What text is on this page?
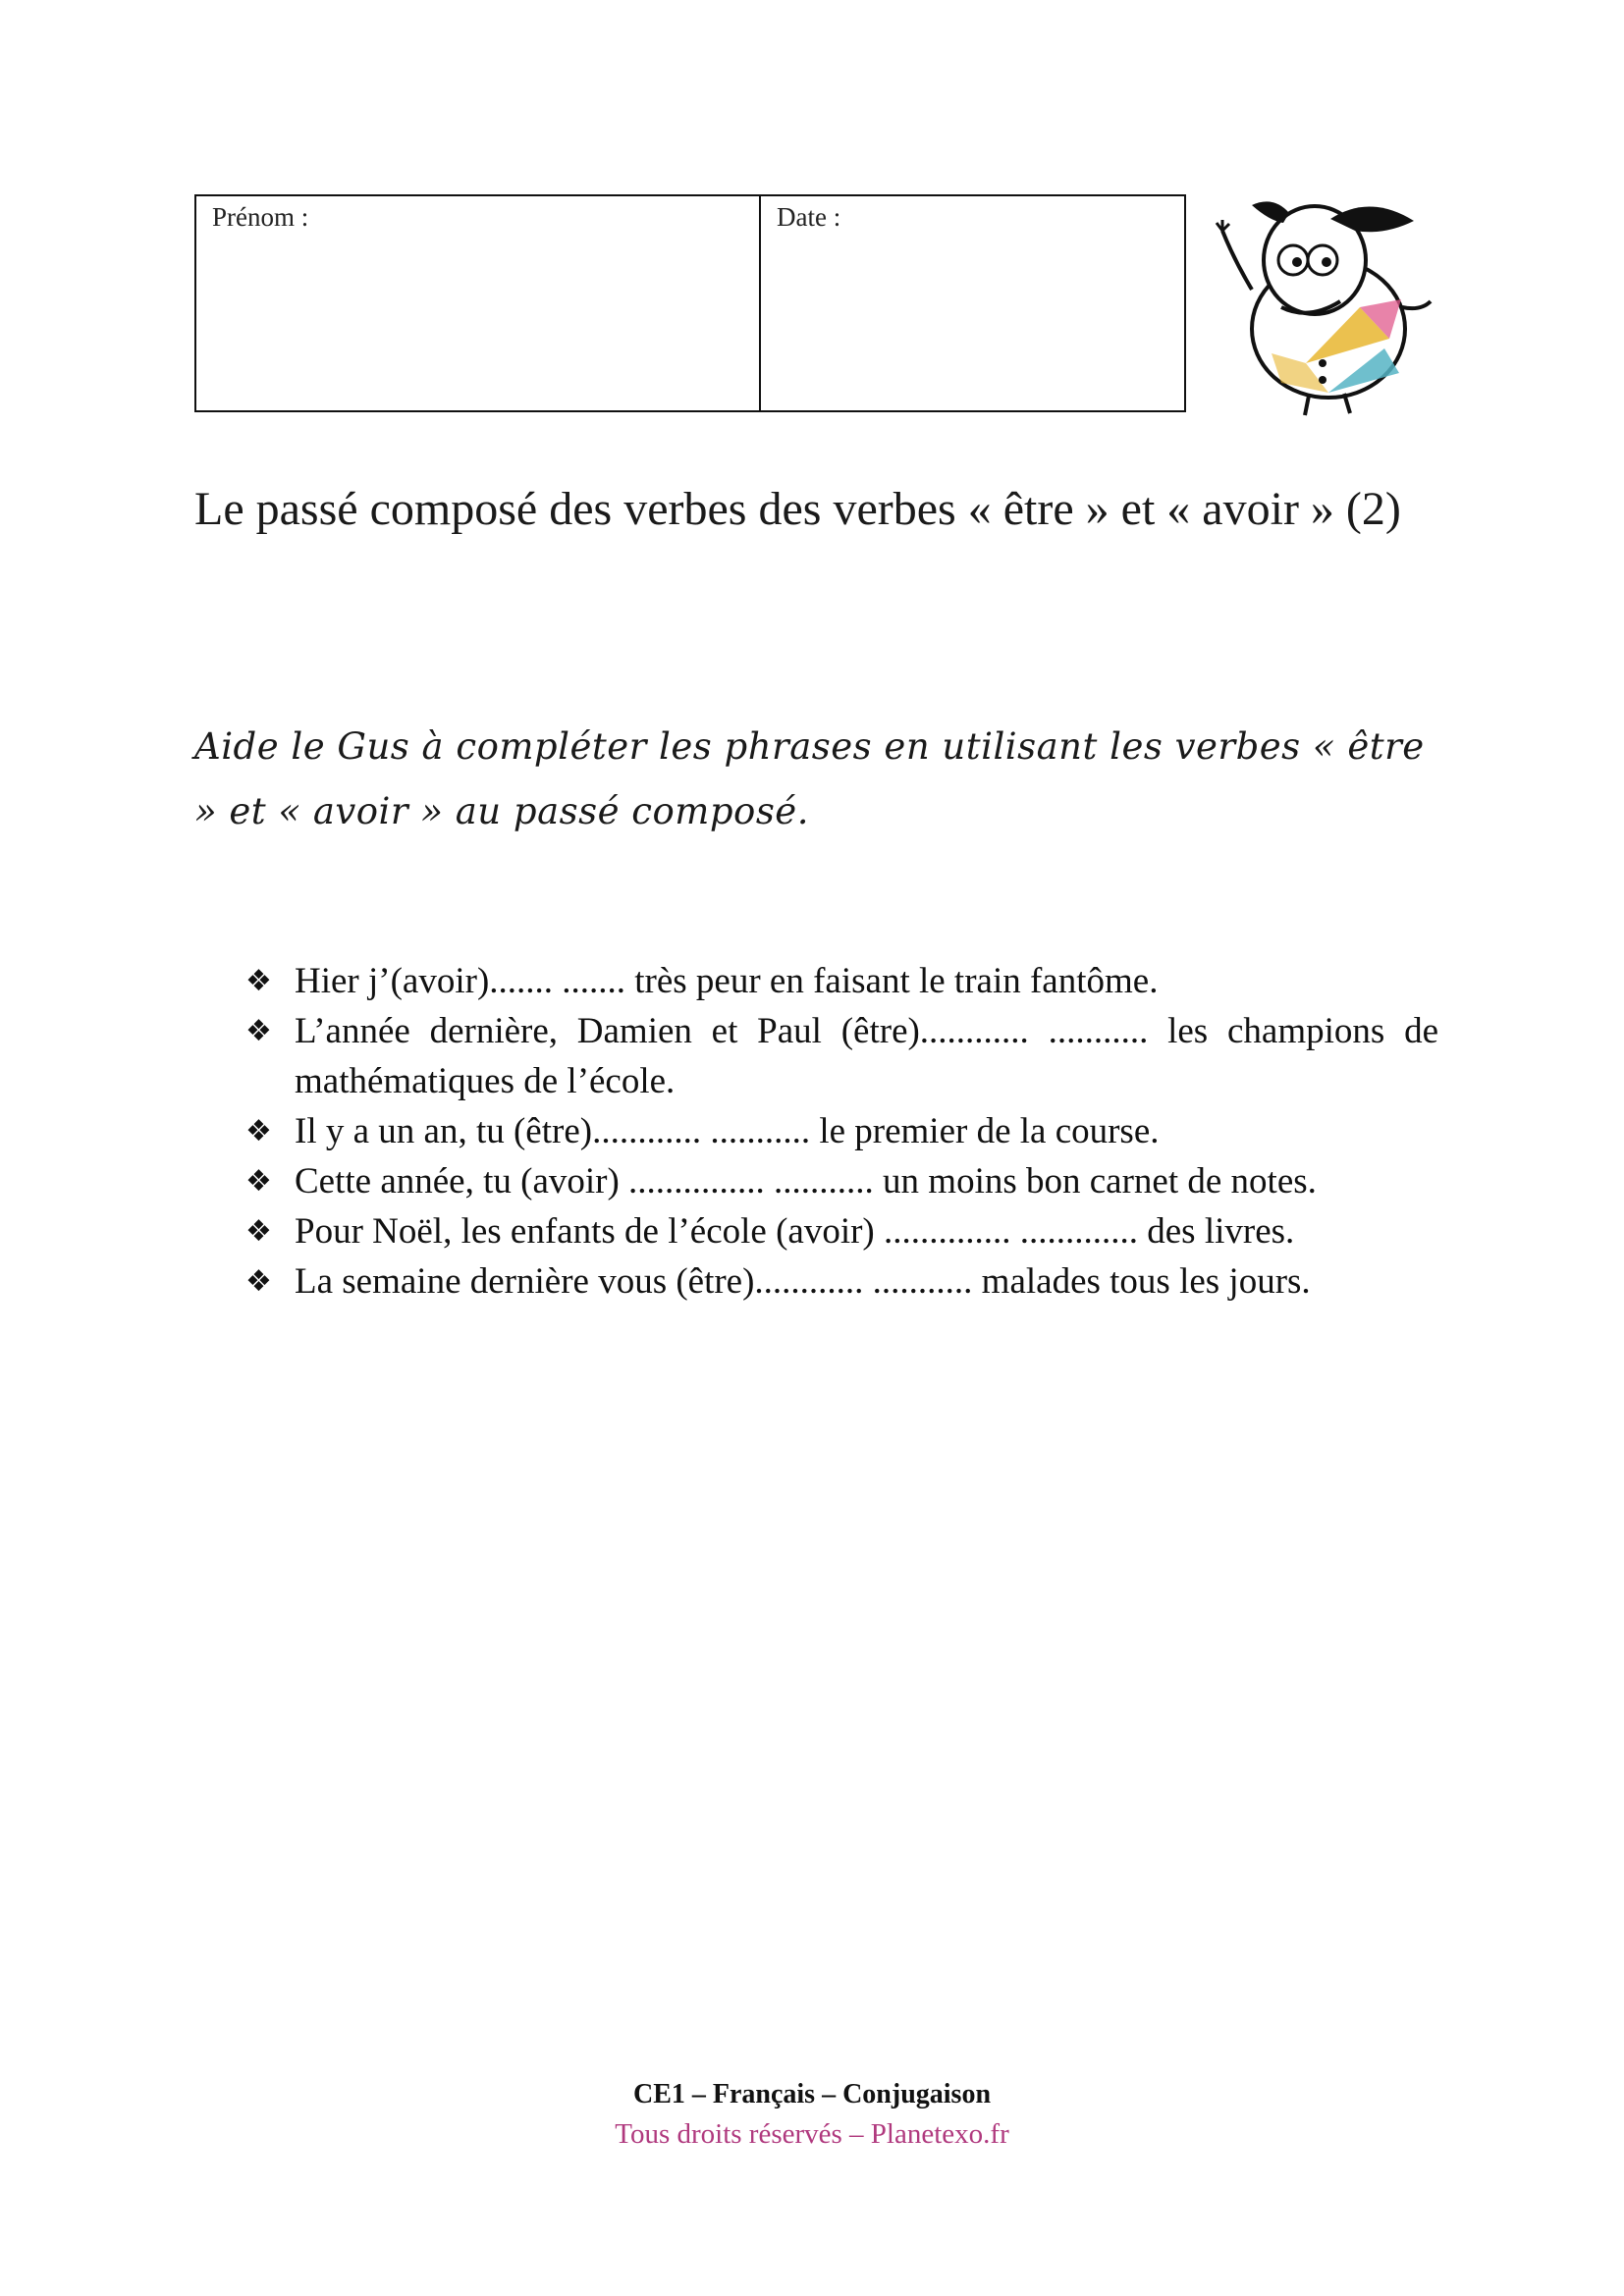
Prénom :	Date :
Le passé composé des verbes des verbes « être » et « avoir » (2)
Aide le Gus à compléter les phrases en utilisant les verbes « être » et « avoir » au passé composé.
❖ Hier j’(avoir)....... ....... très peur en faisant le train fantôme.
❖ L’année dernière, Damien et Paul (être)............ ........... les champions de mathématiques de l’école.
❖ Il y a un an, tu (être)............ ........... le premier de la course.
❖ Cette année, tu (avoir) ............... ........... un moins bon carnet de notes.
❖ Pour Noël, les enfants de l’école (avoir) .............. ............. des livres.
❖ La semaine dernière vous (être)............ ........... malades tous les jours.
CE1 – Français – Conjugaison
Tous droits réservés – Planetexo.fr
